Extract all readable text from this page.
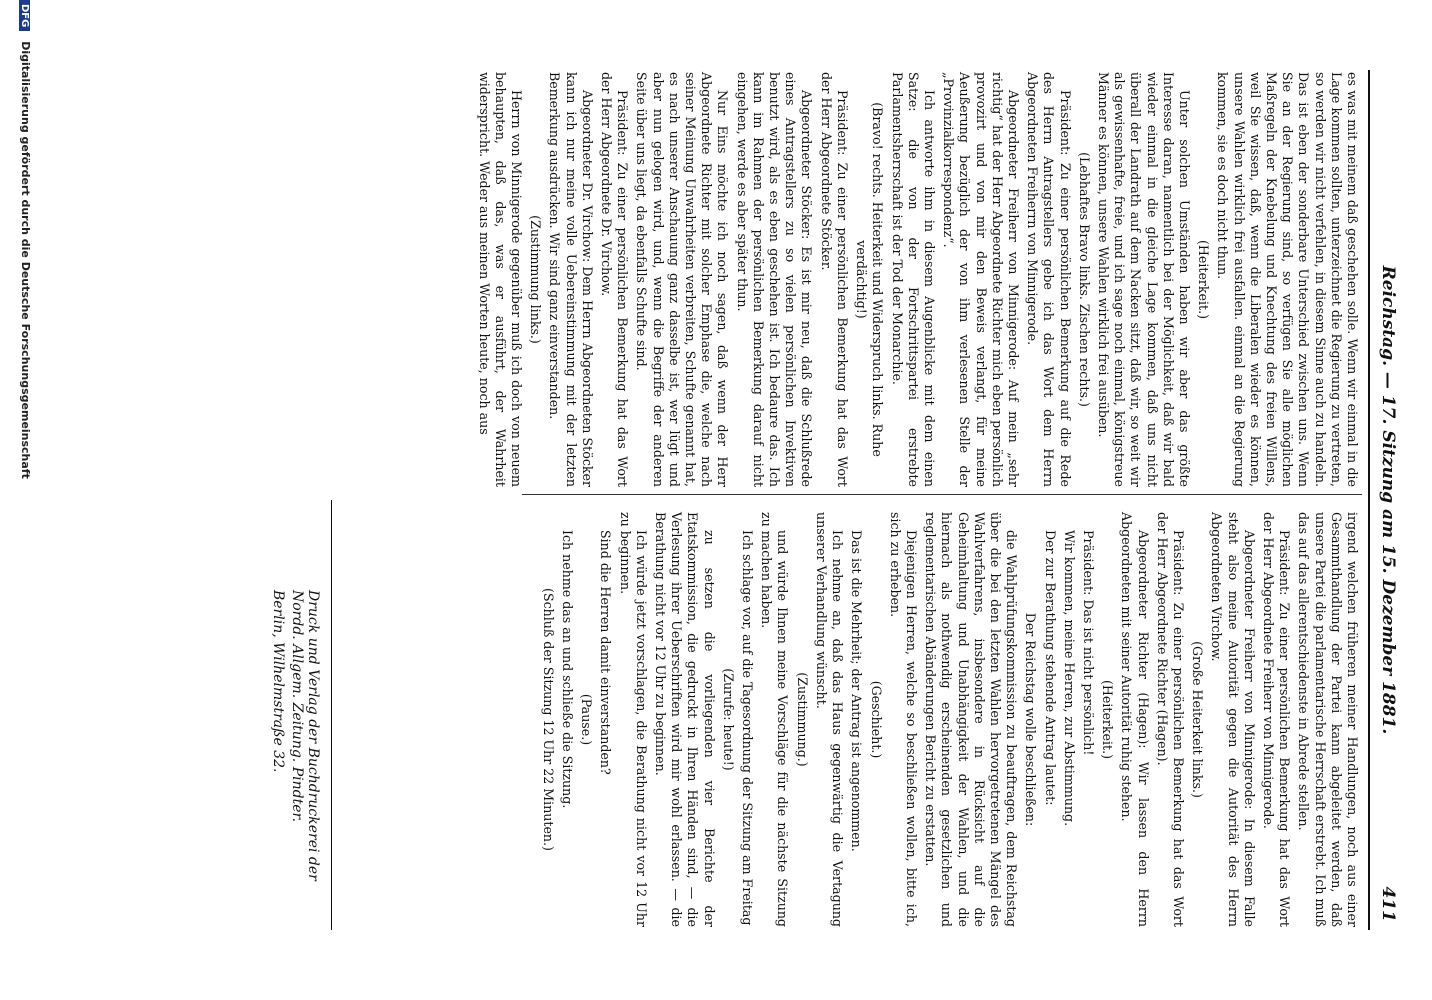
Reichstag. — 17. Sitzung am 15. Dezember 1881.
411

es was mit meinem daß geschehen solle. Wenn wir einmal in die Lage kommen sollten, unterzeichnet die Regierung zu vertreten, so werden wir nicht verfehlen, in diesem Sinne auch zu handeln. Das ist eben der sonderbare Unterschied zwischen uns. Wenn Sie an der Regierung sind, so verfügen Sie alle möglichen Maßregeln der Knebelung und Knechtung des freien Willens, weil Sie wissen, daß, wenn die Liberalen wieder es können, unsere Wahlen wirklich frei ausfallen. einmal an die Regierung kommen, sie es doch nicht thun.

(Heiterkeit.)

Unter solchen Umständen haben wir aber das größte Interesse daran, namentlich bei der Möglichkeit, daß wir bald wieder einmal in die gleiche Lage kommen, daß uns nicht überall der Landrath auf dem Nacken sitzt, daß wir, so weit wir als gewissenhafte, freie, und ich sage noch einmal, königstreue Männer es können, unsere Wahlen wirklich frei ausüben.

(Lebhaftes Bravo links. Zischen rechts.)

Präsident: Zu einer persönlichen Bemerkung auf die Rede des Herrn Antragstellers gebe ich das Wort dem Herrn Abgeordneten Freiherrn von Minnigerode.

Abgeordneter Freiherr von Minnigerode: Auf mein „sehr richtig“ hat der Herr Abgeordnete Richter mich eben persönlich provozirt und von mir den Beweis verlangt, für meine Aeußerung bezüglich der von ihm verlesenen Stelle der „Provinzialkorrespondenz“.

Ich antworte ihm in diesem Augenblicke mit dem einen Satze: die von der Fortschrittspartei erstrebte Parlamentsherrschaft ist der Tod der Monarchie.

(Bravo! rechts. Heiterkeit und Widerspruch links. Ruhe verdächtig!)

Präsident: Zu einer persönlichen Bemerkung hat das Wort der Herr Abgeordnete Stöcker.

Abgeordneter Stöcker: Es ist mir neu, daß die Schlußrede eines Antragstellers zu so vielen persönlichen Invektiven benutzt wird, als es eben geschehen ist. Ich bedaure das. Ich kann im Rahmen der persönlichen Bemerkung darauf nicht eingehen, werde es aber später thun.

Nur Eins möchte ich noch sagen, daß wenn der Herr Abgeordnete Richter mit solcher Emphase die, welche nach seiner Meinung Unwahrheiten verbreiten, Schufte genannt hat, es nach unserer Anschauung ganz dasselbe ist, wer lügt und aber nun gelogen wird, und, wenn die Begriffe der anderen Seite über uns liegt, da ebenfalls Schufte sind.

Präsident: Zu einer persönlichen Bemerkung hat das Wort der Herr Abgeordnete Dr. Virchow.

Abgeordneter Dr. Virchow: Dem Herrn Abgeordneten Stöcker kann ich nur meine volle Uebereinstimmung mit der letzten Bemerkung ausdrücken. Wir sind ganz einverstanden.

(Zustimmung links.)

Herrn von Minnigerode gegenüber muß ich doch von neuem behaupten, daß das, was er ausführt, der Wahrheit widerspricht. Weder aus meinen Worten heute, noch aus

irgend welchen früheren meiner Handlungen, noch aus einer Gesammthandlung der Partei kann abgeleitet werden, daß unsere Partei die parlamentarische Herrschaft erstrebt. Ich muß das auf das allerentschiedenste in Abrede stellen.

Präsident: Zu einer persönlichen Bemerkung hat das Wort der Herr Abgeordnete Freiherr von Minnigerode.

Abgeordneter Freiherr von Minnigerode: In diesem Falle steht also meine Autorität gegen die Autorität des Herrn Abgeordneten Virchow.

(Große Heiterkeit links.)

Präsident: Zu einer persönlichen Bemerkung hat das Wort der Herr Abgeordnete Richter (Hagen).

Abgeordneter Richter (Hagen): Wir lassen den Herrn Abgeordneten mit seiner Autorität ruhig stehen.

(Heiterkeit.)

Präsident: Das ist nicht persönlich!

Wir kommen, meine Herren, zur Abstimmung.

Der zur Berathung stehende Antrag lautet:

Der Reichstag wolle beschließen:

die Wahlprüfungskommission zu beauftragen, dem Reichstag über die bei den letzten Wahlen hervorgetretenen Mängel des Wahlverfahrens, insbesondere in Rücksicht auf die Geheimhaltung und Unabhängigkeit der Wahlen, und die hiernach als nothwendig erscheinenden gesetzlichen und reglementarischen Abänderungen Bericht zu erstatten.

Diejenigen Herren, welche so beschließen wollen, bitte ich, sich zu erheben.

(Geschieht.)

Das ist die Mehrheit; der Antrag ist angenommen.

Ich nehme an, daß das Haus gegenwärtig die Vertagung unserer Verhandlung wünscht.

(Zustimmung.)

und würde Ihnen meine Vorschläge für die nächste Sitzung zu machen haben.

Ich schlage vor, auf die Tagesordnung der Sitzung am Freitag

(Zurufe: heute!)

zu setzen die vorliegenden vier Berichte der Etatskommission, die gedruckt in Ihren Händen sind, — die Verlesung ihrer Ueberschriften wird mir wohl erlassen. — die Berathung nicht vor 12 Uhr zu beginnen.

Ich würde jetzt vorschlagen, die Berathung nicht vor 12 Uhr zu beginnen.

Sind die Herren damit einverstanden?

(Pause.)

Ich nehme das an und schließe die Sitzung.

(Schluß der Sitzung 12 Uhr 22 Minuten.)

Druck und Verlag der Buchdruckerei der Nordd. Allgem. Zeitung. Pindter.
Berlin, Wilhelmstraße 32.
DFG Digitalisierung gefördert durch die Deutsche Forschungsgemeinschaft
